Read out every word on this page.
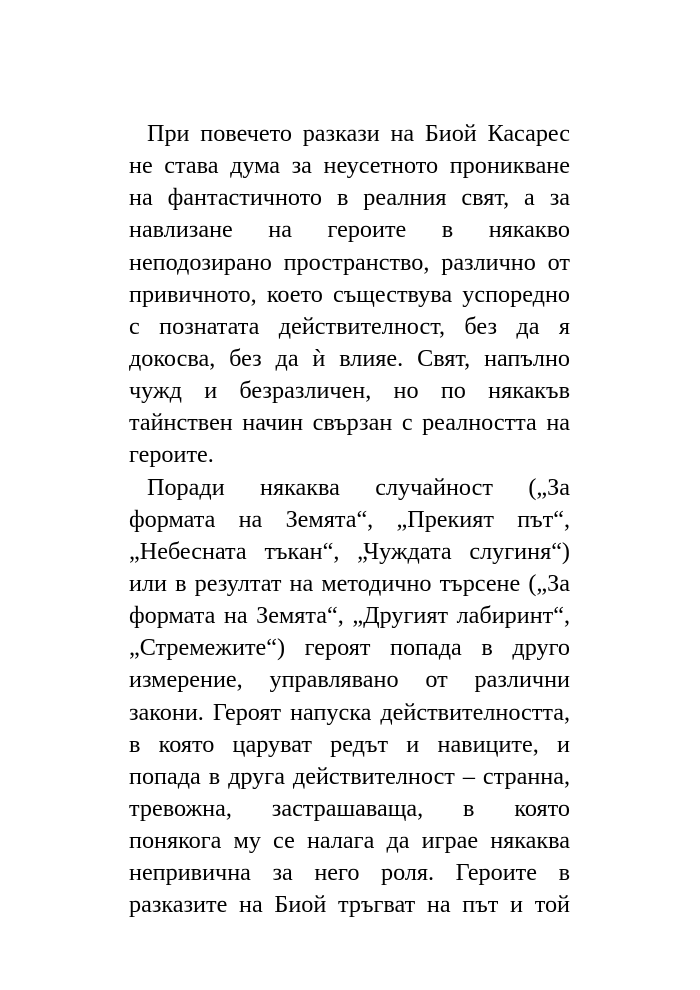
При повечето разкази на Биой Касарес
не става дума за неусетното проникване
на фантастичното в реалния свят, а за
навлизане на героите в някакво
неподозирано пространство, различно от
привичното, което съществува успоредно
с познатата действителност, без да я
докосва, без да ѝ влияе. Свят, напълно
чужд и безразличен, но по някакъв
тайнствен начин свързан с реалността на
героите.
Поради някаква случайност („За
формата на Земята“, „Прекият път“,
„Небесната тъкан“, „Чуждата слугиня“)
или в резултат на методично търсене („За
формата на Земята“, „Другият лабиринт“,
„Стремежите“) героят попада в друго
измерение, управлявано от различни
закони. Героят напуска действителността,
в която царуват редът и навиците, и
попада в друга действителност – странна,
тревожна, застрашаваща, в която
понякога му се налага да играе някаква
непривична за него роля. Героите в
разказите на Биой тръгват на път и той
